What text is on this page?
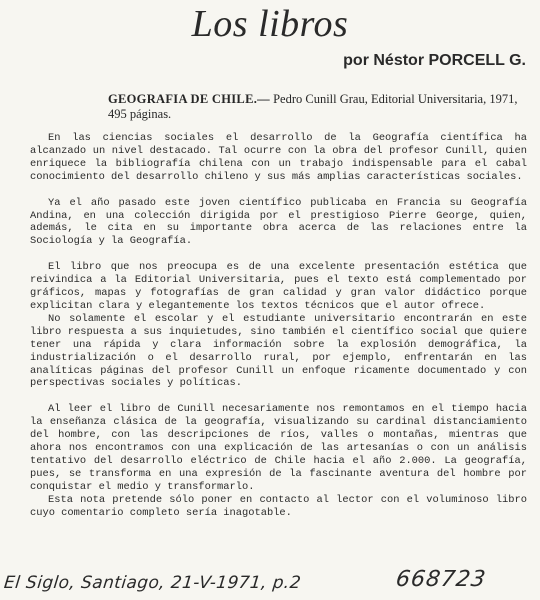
Los libros
por Néstor PORCELL G.
GEOGRAFIA DE CHILE.— Pedro Cunill Grau, Editorial Universitaria, 1971, 495 páginas.

En las ciencias sociales el desarrollo de la Geografía científica ha alcanzado un nivel destacado. Tal ocurre con la obra del profesor Cunill, quien enriquece la bibliografía chilena con un trabajo indispensable para el cabal conocimiento del desarrollo chileno y sus más amplias características sociales.

Ya el año pasado este joven científico publicaba en Francia su Geografía Andina, en una colección dirigida por el prestigioso Pierre George, quien, además, le cita en su importante obra acerca de las relaciones entre la Sociología y la Geografía.

El libro que nos preocupa es de una excelente presentación estética que reivindica a la Editorial Universitaria, pues el texto está complementado por gráficos, mapas y fotografías de gran calidad y gran valor didáctico porque explicitan clara y elegantemente los textos técnicos que el autor ofrece.

No solamente el escolar y el estudiante universitario encontrarán en este libro respuesta a sus inquietudes, sino también el científico social que quiere tener una rápida y clara información sobre la explosión demográfica, la industrialización o el desarrollo rural, por ejemplo, enfrentarán en las analíticas páginas del profesor Cunill un enfoque ricamente documentado y con perspectivas sociales y políticas.

Al leer el libro de Cunill necesariamente nos remontamos en el tiempo hacia la enseñanza clásica de la geografía, visualizando su cardinal distanciamiento del hombre, con las descripciones de ríos, valles o montañas, mientras que ahora nos encontramos con una explicación de las artesanías o con un análisis tentativo del desarrollo eléctrico de Chile hacia el año 2.000. La geografía, pues, se transforma en una expresión de la fascinante aventura del hombre por conquistar el medio y transformarlo.

Esta nota pretende sólo poner en contacto al lector con el voluminoso libro cuyo comentario completo sería inagotable.

El Siglo, Santiago, 21-V-1971, p.2	668723
